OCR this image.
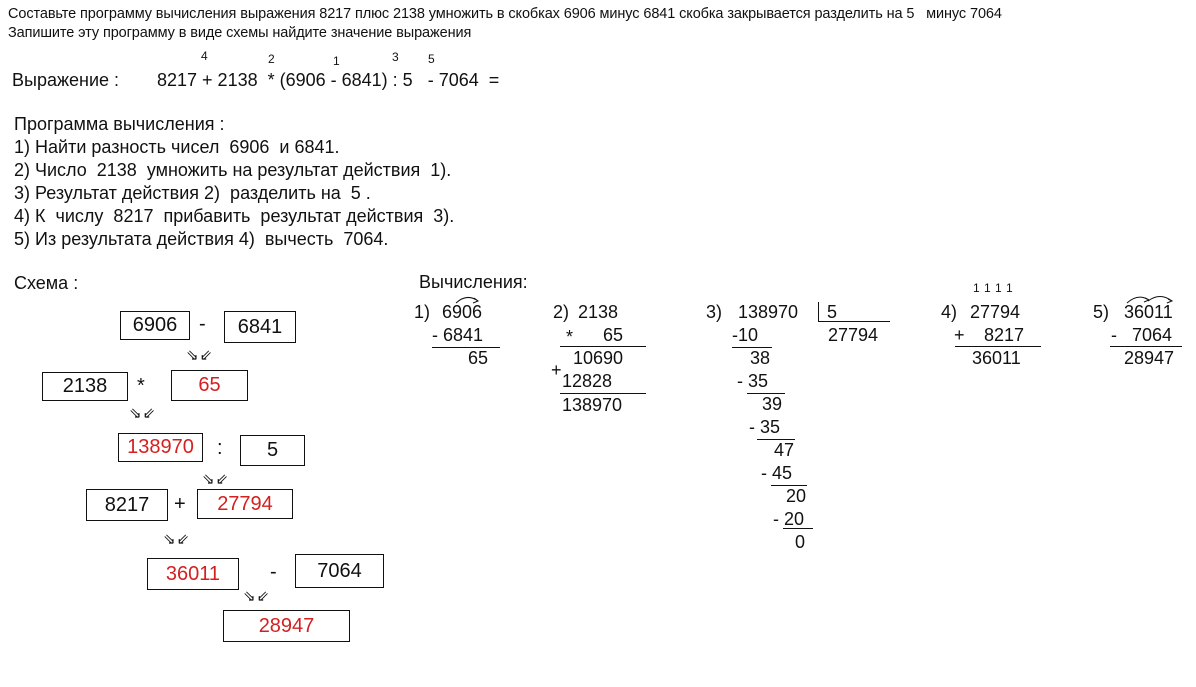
Составьте программу вычисления выражения 8217 плюс 2138 умножить в скобках 6906 минус 6841 скобка закрывается разделить на 5   минус 7064
Запишите эту программу в виде схемы найдите значение выражения
Выражение : 8217 + 2138  * (6906 - 6841) : 5   - 7064  =
4	2	1	3 5
Программа вычисления :
1) Найти разность чисел  6906  и 6841.
2) Число  2138  умножить на результат действия  1).
3) Результат действия 2)  разделить на  5 .
4) К  числу  8217  прибавить  результат действия  3).
5) Из результата действия 4)  вычесть  7064.
Схема :
6906	-	6841
⇘⇙
2138	*	65
⇘⇙
138970	:	5
⇘⇙
8217	+	27794
⇘⇙
36011	-	7064
⇘⇙
28947
Вычисления:
1) 6906
- 6841
65
2) 2138
* 65
10690
+
12828
138970
3) 138970 5
27794
-10
38
- 35
39
- 35
47
- 45
20
- 20
0
1 1 1 1
4) 27794
+ 8217
36011
5) 36011
-   7064
28947
